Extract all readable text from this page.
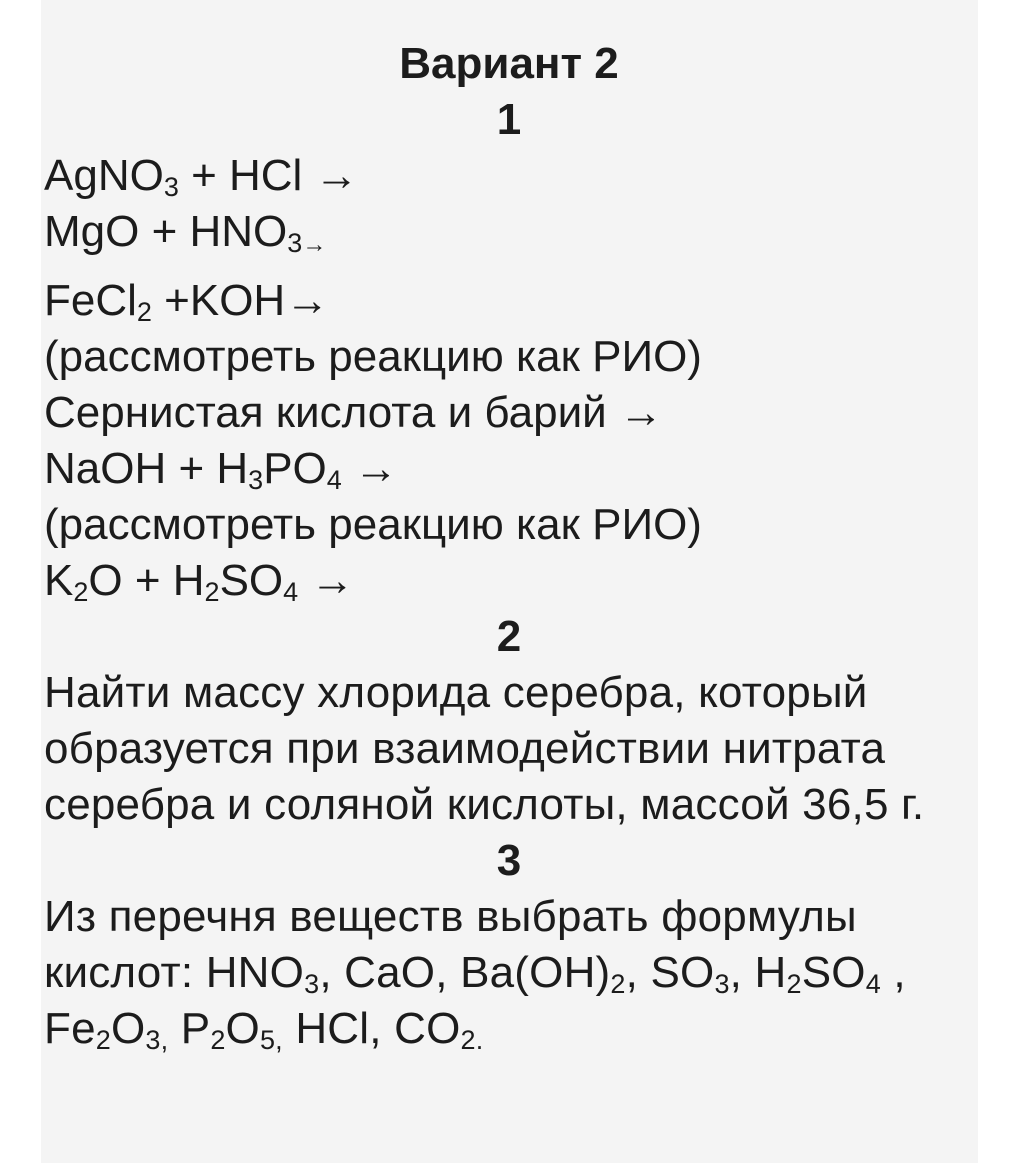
Вариант 2
1
AgNO$_3$ + HCl →
MgO + $HNO_3\to$
FeCl$_2$ +KOH→
(рассмотреть реакцию как РИО)
Сернистая кислота и барий →
NaOH + $H_3PO_4$ →
(рассмотреть реакцию как РИО)
$K_2O + H_2SO_4$ →
2

Найти массу хлорида серебра, который образуется при взаимодействии нитрата серебра и соляной кислоты, массой 36,5 г.

3

Из перечня веществ выбрать формулы кислот: $HNO_3$, CaO, $Ba(OH)_2$, $SO_3$, $H_2SO_4$ , $Fe_2O_{3,}$ $P_2O_{5,}$ HCl, $CO_{2.}$
